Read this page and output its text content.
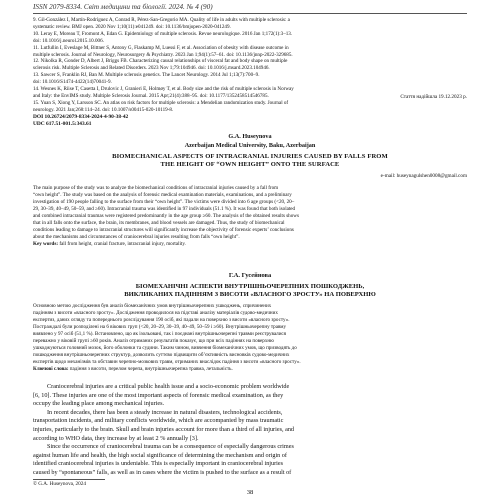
ISSN 2079-8334. Світ медицини та біології. 2024. № 4 (90)
9. Gil-González I, Martín-Rodríguez A, Conrad R, Pérez-San-Gregorio MÁ. Quality of life in adults with multiple sclerosis: a
systematic review. BMJ open. 2020 Nov 1;10(11):e041249. doi: 10.1136/bmjopen-2020-041249.
10. Leray E, Moreau T, Fromont A, Edan G. Epidemiology of multiple sclerosis. Revue neurologique. 2016 Jan 1;172(1):3–13.
doi: 10.1016/j.neurol.2015.10.006.
11. Lutfullin I, Eveslage M, Bittner S, Antony G, Flaskamp M, Luessi F, et al. Association of obesity with disease outcome in
multiple sclerosis. Journal of Neurology, Neurosurgery & Psychiatry. 2023 Jan 1;94(1):57–61. doi: 10.1136/jnnp-2022-329685.
12. Nikolka R, Gonder D, Albert J, Briggs FB. Characterizing causal relationships of visceral fat and body shape on multiple
sclerosis risk. Multiple Sclerosis and Related Disorders. 2023 Nov 1;79:104946. doi: 10.1016/j.msard.2023.104946.
13. Sawcer S, Franklin RJ, Ban M. Multiple sclerosis genetics. The Lancet Neurology. 2014 Jul 1;13(7):700–9.
doi: 10.1016/S1474-4422(14)70041-9.
14. Wesnes K, Riise T, Casetta I, Drulovic J, Granieri E, Holmøy T, et al. Body size and the risk of multiple sclerosis in Norway
and Italy: the EnvIMS study. Multiple Sclerosis Journal. 2015 Apr;21(4):388–95. doi: 10.1177/1352458514546785.
15. Yuan S, Xiong Y, Larsson SC. An atlas on risk factors for multiple sclerosis: a Mendelian randomization study. Journal of
neurology. 2021 Jan;268:114–24. doi: 10.1007/s00415-020-10119-8.
Стаття надійшла 19.12.2023 р.
DOI 10.26724/2079-8334-2024-4-90-38-42
UDC 617.51-001.5:343.61
G.A. Huseynova
Azerbaijan Medical University, Baku, Azerbaijan
BIOMECHANICAL ASPECTS OF INTRACRANIAL INJURIES CAUSED BY FALLS FROM
THE HEIGHT OF “OWN HEIGHT” ONTO THE SURFACE
e-mail: huseynagulshen0008@gmail.com
The main purpose of the study was to analyze the biomechanical conditions of intracranial injuries caused by a fall from
“own height”. The study was based on the analysis of forensic medical examination materials, examinations, and a preliminary
investigation of 190 people falling to the surface from their “own height”. The victims were divided into 6 age groups (<20, 20–
29, 30–39, 40–49, 50–59, and ≥60). Intracranial trauma was identified in 97 individuals (51.1 %). It was found that both isolated
and combined intracranial traumas were registered predominantly in the age group ≥60. The analysis of the obtained results shows
that in all falls onto the surface, the brain, its membranes, and blood vessels are damaged. Thus, the study of biomechanical
conditions leading to damage to intracranial structures will significantly increase the objectivity of forensic experts’ conclusions
about the mechanisms and circumstances of craniocerebral injuries resulting from falls “own height”.
Key words: fall from height, cranial fracture, intracranial injury, mortality.
Г.А. Гусейнова
БІОМЕХАНІЧНІ АСПЕКТИ ВНУТРІШНЬОЧЕРЕПНИХ ПОШКОДЖЕНЬ,
ВИКЛИКАНИХ ПАДІННЯМ З ВИСОТИ «ВЛАСНОГО ЗРОСТУ» НА ПОВЕРХНЮ
Основною метою дослідження був аналіз біомеханічних умов внутрішньочерепних ушкоджень, спричинених
падінням з висоти «власного зросту». Дослідження проводилося на підставі аналізу матеріалів судово-медичних
експертиз, даних огляду та попереднього розслідування 190 осіб, які падали на поверхню з висоти «власного зросту».
Постраждалі були розподілені на 6 вікових груп (<20, 20–29, 30–39, 40–49, 50–59 і ≥60). Внутрішньочерепну травму
виявлено у 97 осіб (51,1 %). Встановлено, що як ізольовані, так і поєднані внутрішньочерепні травми реєструвалися
переважно у віковій групі ≥60 років. Аналіз отриманих результатів показує, що при всіх падіннях на поверхню
ушкоджуються головний мозок, його оболонки та судини. Таким чином, вивчення біомеханічних умов, що призводять до
пошкодження внутрішньочерепних структур, дозволить суттєво підвищити об’єктивність висновків судово-медичних
експертів щодо механізмів та обставин черепно-мозкових травм, отриманих внаслідок падіння з висоти «власного зросту».
Ключові слова: падіння з висоти, перелом черепа, внутрішньочерепна травма, летальність.
Craniocerebral injuries are a critical public health issue and a socio-economic problem worldwide
[6, 10]. These injuries are one of the most important aspects of forensic medical examination, as they
occupy the leading place among mechanical injuries.
In recent decades, there has been a steady increase in natural disasters, technological accidents,
transportation incidents, and military conflicts worldwide, which are accompanied by mass traumatic
injuries, particularly to the brain. Skull and brain injuries account for more than a third of all injuries, and
according to WHO data, they increase by at least 2 % annually [3].
Since the occurrence of craniocerebral trauma can be a consequence of especially dangerous crimes
against human life and health, the high social significance of determining the mechanism and origin of
identified craniocerebral injuries is undeniable. This is especially important in craniocerebral injuries
caused by “spontaneous” falls, as well as in cases where the victim is pushed to the surface as a result of
© G.A. Huseynova, 2024
38
